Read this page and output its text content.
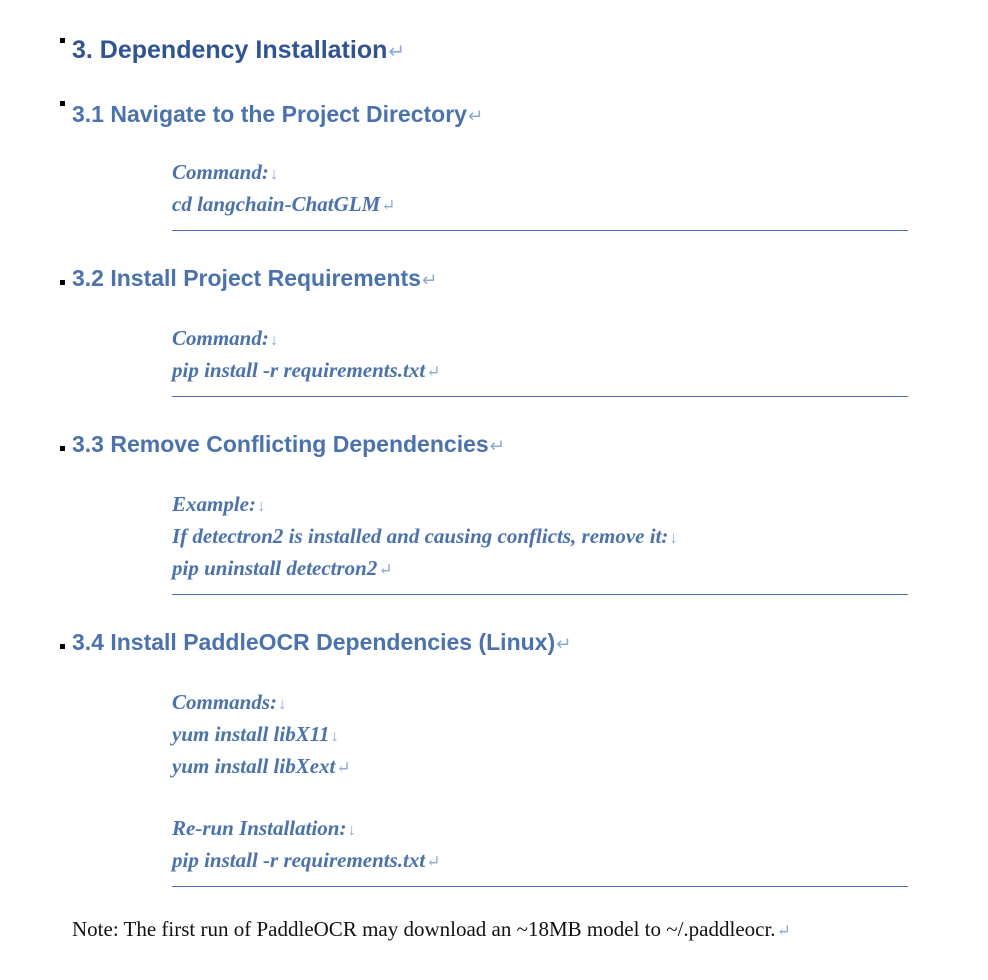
3. Dependency Installation↵
3.1 Navigate to the Project Directory↵
Command:↓
cd langchain-ChatGLM↵
3.2 Install Project Requirements↵
Command:↓
pip install -r requirements.txt↵
3.3 Remove Conflicting Dependencies↵
Example:↓
If detectron2 is installed and causing conflicts, remove it:↓
pip uninstall detectron2↵
3.4 Install PaddleOCR Dependencies (Linux)↵
Commands:↓
yum install libX11↓
yum install libXext↵
Re-run Installation:↓
pip install -r requirements.txt↵
Note: The first run of PaddleOCR may download an ~18MB model to ~/.paddleocr.↵
